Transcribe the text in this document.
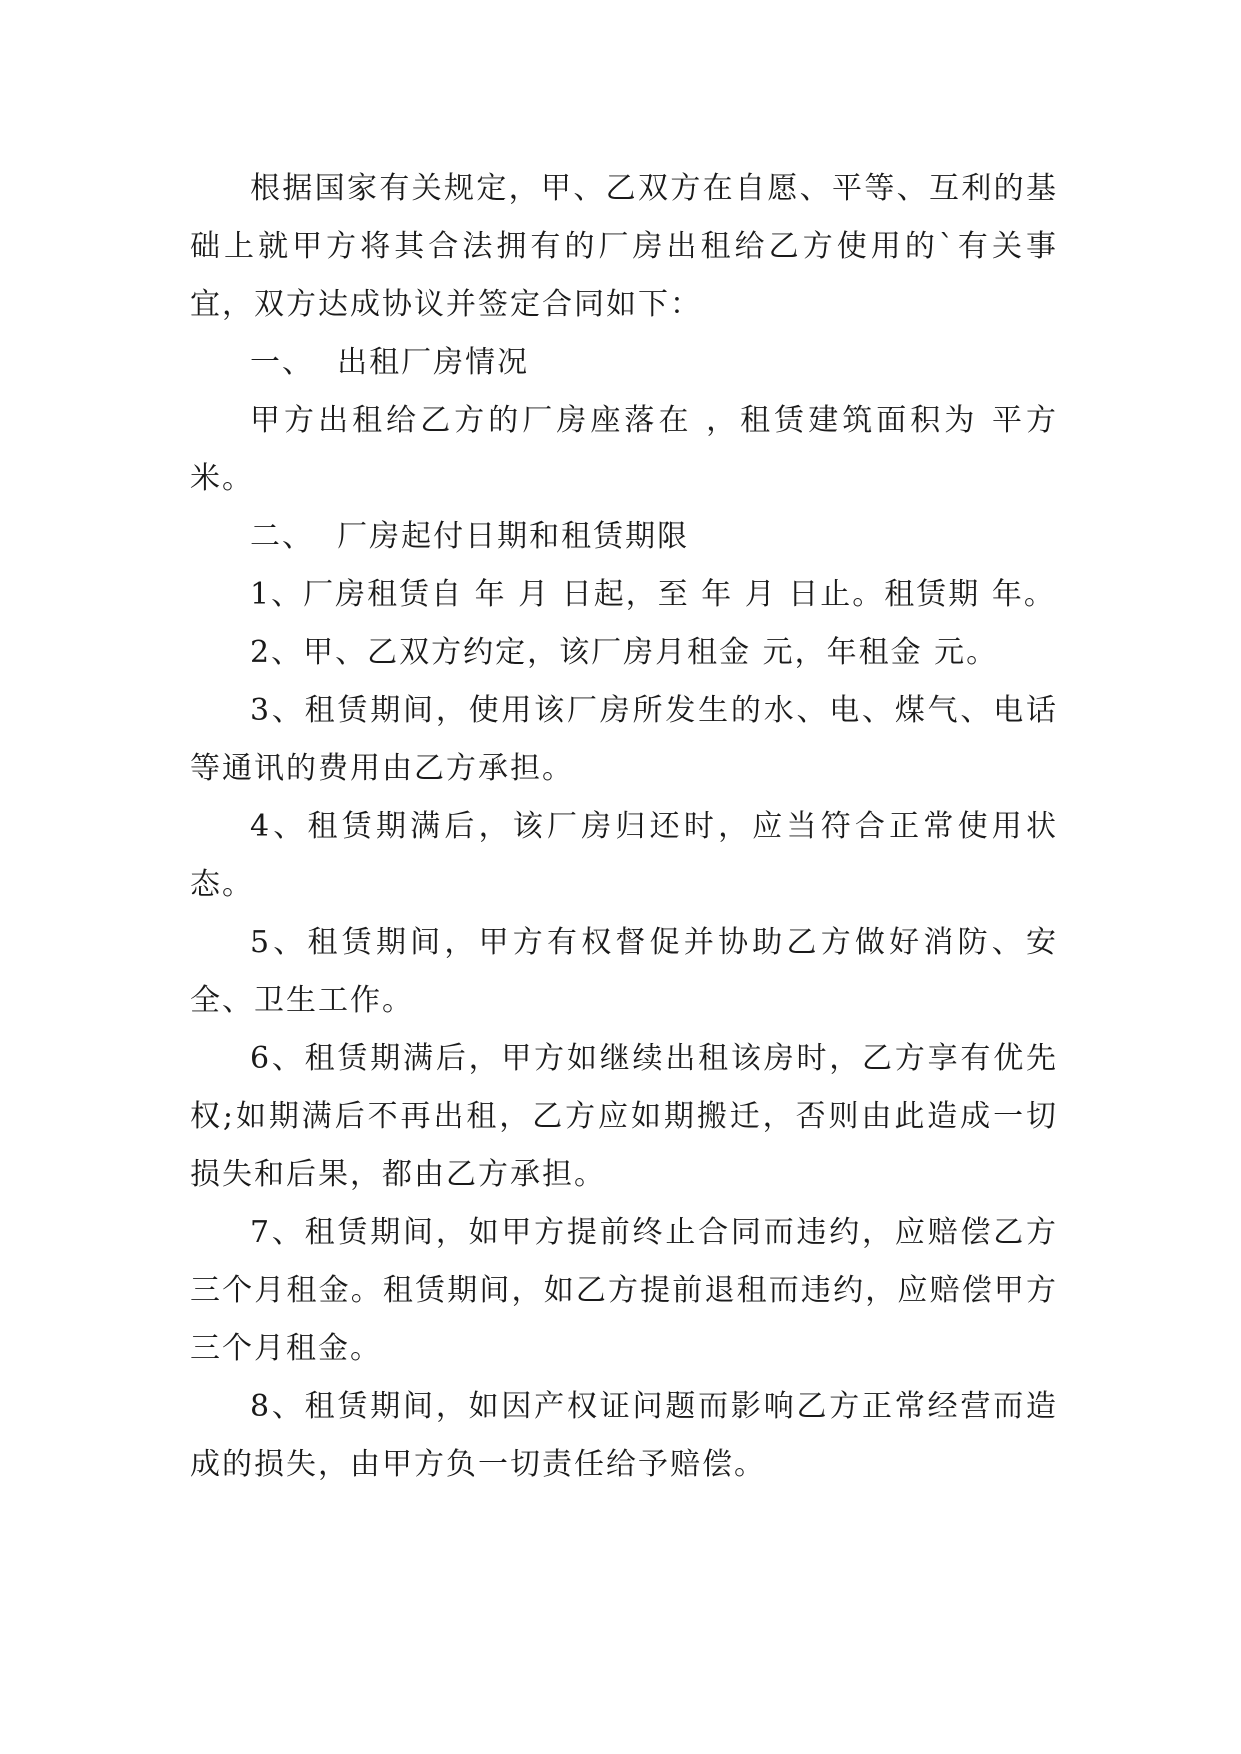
根据国家有关规定，甲、乙双方在自愿、平等、互利的基础上就甲方将其合法拥有的厂房出租给乙方使用的`有关事宜，双方达成协议并签定合同如下：

一、  出租厂房情况

甲方出租给乙方的厂房座落在 ，租赁建筑面积为 平方米。

二、  厂房起付日期和租赁期限

1、厂房租赁自 年 月 日起，至 年 月 日止。租赁期 年。

2、甲、乙双方约定，该厂房月租金 元，年租金 元。

3、租赁期间，使用该厂房所发生的水、电、煤气、电话等通讯的费用由乙方承担。

4、租赁期满后，该厂房归还时，应当符合正常使用状态。

5、租赁期间，甲方有权督促并协助乙方做好消防、安全、卫生工作。

6、租赁期满后，甲方如继续出租该房时，乙方享有优先权;如期满后不再出租，乙方应如期搬迁，否则由此造成一切损失和后果，都由乙方承担。

7、租赁期间，如甲方提前终止合同而违约，应赔偿乙方三个月租金。租赁期间，如乙方提前退租而违约，应赔偿甲方三个月租金。

8、租赁期间，如因产权证问题而影响乙方正常经营而造成的损失，由甲方负一切责任给予赔偿。
